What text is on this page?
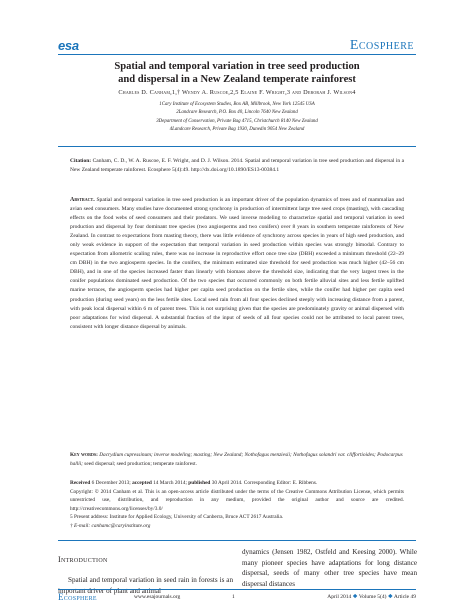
esa	Ecosphere
Spatial and temporal variation in tree seed production
and dispersal in a New Zealand temperate rainforest
Charles D. Canham,1,† Wendy A. Ruscoe,2,5 Elaine F. Wright,3 and Deborah J. Wilson4
1Cary Institute of Ecosystem Studies, Box AB, Millbrook, New York 12545 USA
2Landcare Research, P.O. Box 40, Lincoln 7640 New Zealand
3Department of Conservation, Private Bag 4715, Christchurch 8140 New Zealand
4Landcare Research, Private Bag 1930, Dunedin 9054 New Zealand
Citation: Canham, C. D., W. A. Ruscoe, E. F. Wright, and D. J. Wilson. 2014. Spatial and temporal variation in tree seed production and dispersal in a New Zealand temperate rainforest. Ecosphere 5(4):49. http://dx.doi.org/10.1890/ES13-00384.1
Abstract. Spatial and temporal variation in tree seed production is an important driver of the population dynamics of trees and of mammalian and avian seed consumers. Many studies have documented strong synchrony in production of intermittent large tree seed crops (masting), with cascading effects on the food webs of seed consumers and their predators. We used inverse modeling to characterize spatial and temporal variation in seed production and dispersal by four dominant tree species (two angiosperms and two conifers) over 8 years in southern temperate rainforests of New Zealand. In contrast to expectations from masting theory, there was little evidence of synchrony across species in years of high seed production, and only weak evidence in support of the expectation that temporal variation in seed production within species was strongly bimodal. Contrary to expectation from allometric scaling rules, there was no increase in reproductive effort once tree size (DBH) exceeded a minimum threshold (22–29 cm DBH) in the two angiosperm species. In the conifers, the minimum estimated size threshold for seed production was much higher (42–56 cm DBH), and in one of the species increased faster than linearly with biomass above the threshold size, indicating that the very largest trees in the conifer populations dominated seed production. Of the two species that occurred commonly on both fertile alluvial sites and less fertile uplifted marine terraces, the angiosperm species had higher per capita seed production on the fertile sites, while the conifer had higher per capita seed production (during seed years) on the less fertile sites. Local seed rain from all four species declined steeply with increasing distance from a parent, with peak local dispersal within 6 m of parent trees. This is not surprising given that the species are predominately gravity or animal dispersed with poor adaptations for wind dispersal. A substantial fraction of the input of seeds of all four species could not be attributed to local parent trees, consistent with longer distance dispersal by animals.
Key words: Dacrydium cupressinum; inverse modeling; masting; New Zealand; Nothofagus menziesii; Nothofagus solandri var. cliffortioides; Podocarpus hallii; seed dispersal; seed production; temperate rainforest.
Received 6 December 2013; accepted 14 March 2014; published 30 April 2014. Corresponding Editor: E. Ribbens.
Copyright: © 2014 Canham et al. This is an open-access article distributed under the terms of the Creative Commons Attribution License, which permits unrestricted use, distribution, and reproduction in any medium, provided the original author and source are credited. http://creativecommons.org/licenses/by/3.0/
5 Present address: Institute for Applied Ecology, University of Canberra, Bruce ACT 2617 Australia.
† E-mail: canhamc@caryinstitute.org
Introduction
Spatial and temporal variation in seed rain in forests is an important driver of plant and animal
dynamics (Jensen 1982, Ostfeld and Keesing 2000). While many pioneer species have adaptations for long distance dispersal, seeds of many other tree species have mean dispersal distances
Ecosphere	www.esajournals.org	1	April 2014 ❖ Volume 5(4) ❖ Article 49
